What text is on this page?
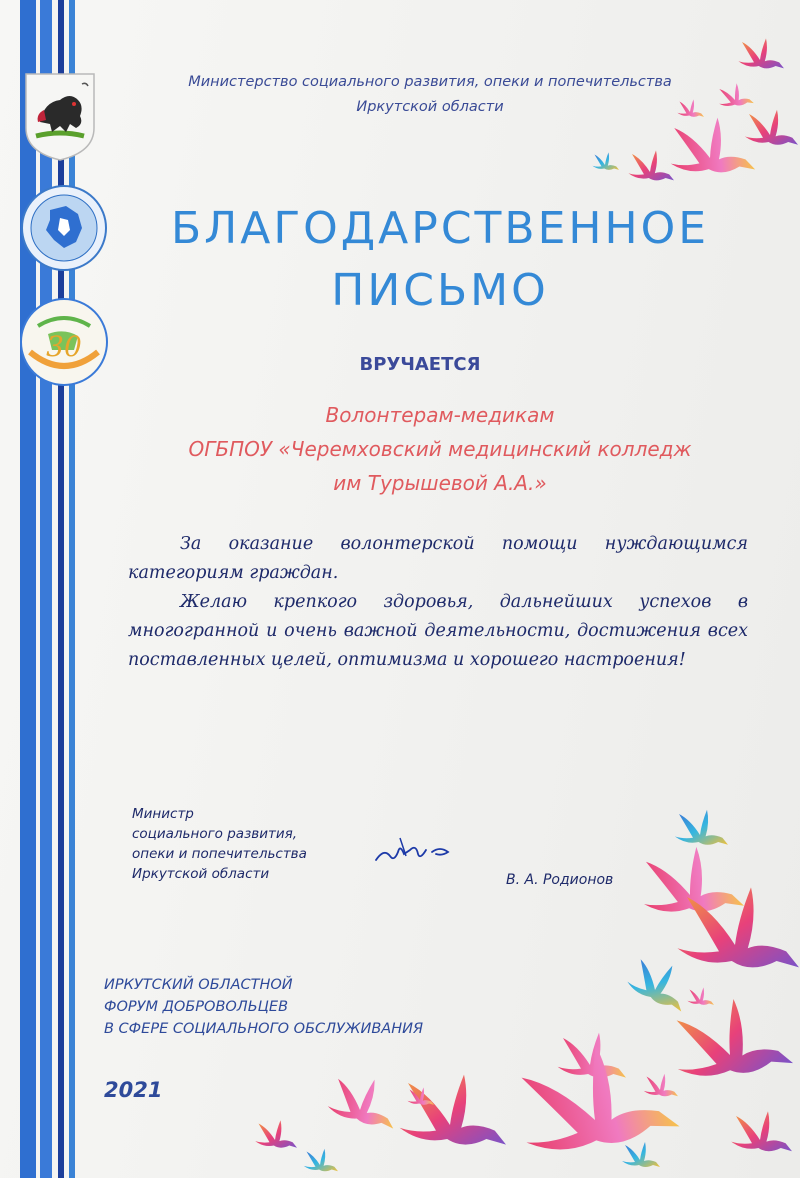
30
Министерство социального развития, опеки и попечительства
Иркутской области
БЛАГОДАРСТВЕННОЕ
ПИСЬМО
ВРУЧАЕТСЯ
Волонтерам-медикам
ОГБПОУ «Черемховский медицинский колледж
им Турышевой А.А.»

За оказание волонтерской помощи нуждающимся категориям граждан.

Желаю крепкого здоровья, дальнейших успехов в многогранной и очень важной деятельности, достижения всех поставленных целей, оптимизма и хорошего настроения!

Министр
социального развития,
опеки и попечительства
Иркутской области	В. А. Родионов
ИРКУТСКИЙ ОБЛАСТНОЙ
ФОРУМ ДОБРОВОЛЬЦЕВ
В СФЕРЕ СОЦИАЛЬНОГО ОБСЛУЖИВАНИЯ
2021
